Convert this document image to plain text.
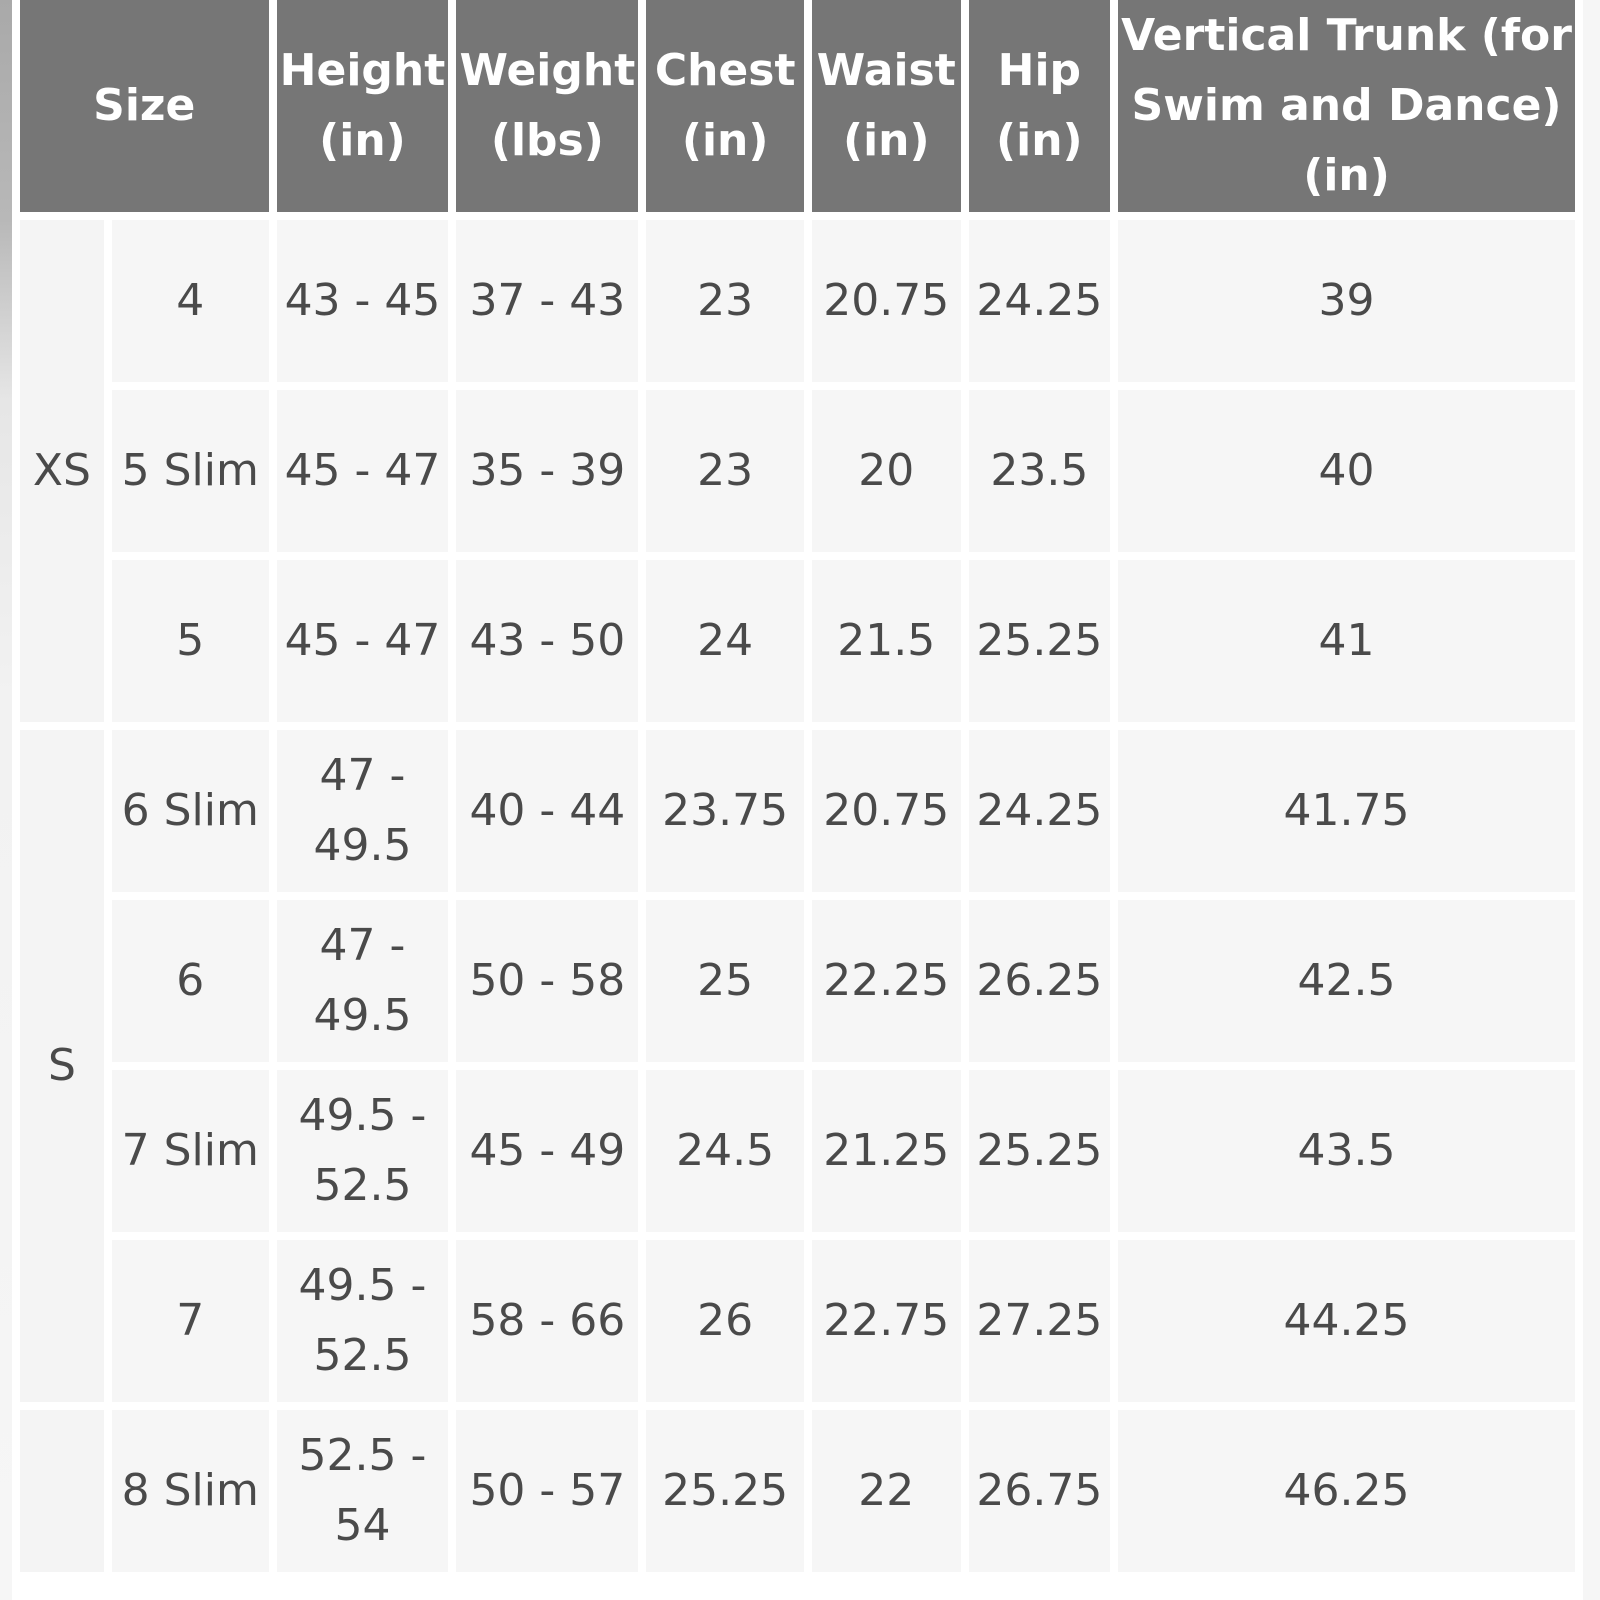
Size		Height (in)	Weight (lbs)	Chest (in)	Waist (in)	Hip (in)	Vertical Trunk (for Swim and Dance) (in)
XS	4	43 - 45	37 - 43	23	20.75	24.25	39
	5 Slim	45 - 47	35 - 39	23	20	23.5	40
	5	45 - 47	43 - 50	24	21.5	25.25	41
S	6 Slim	47 - 49.5	40 - 44	23.75	20.75	24.25	41.75
	6	47 - 49.5	50 - 58	25	22.25	26.25	42.5
	7 Slim	49.5 - 52.5	45 - 49	24.5	21.25	25.25	43.5
	7	49.5 - 52.5	58 - 66	26	22.75	27.25	44.25
	8 Slim	52.5 - 54	50 - 57	25.25	22	26.75	46.25
